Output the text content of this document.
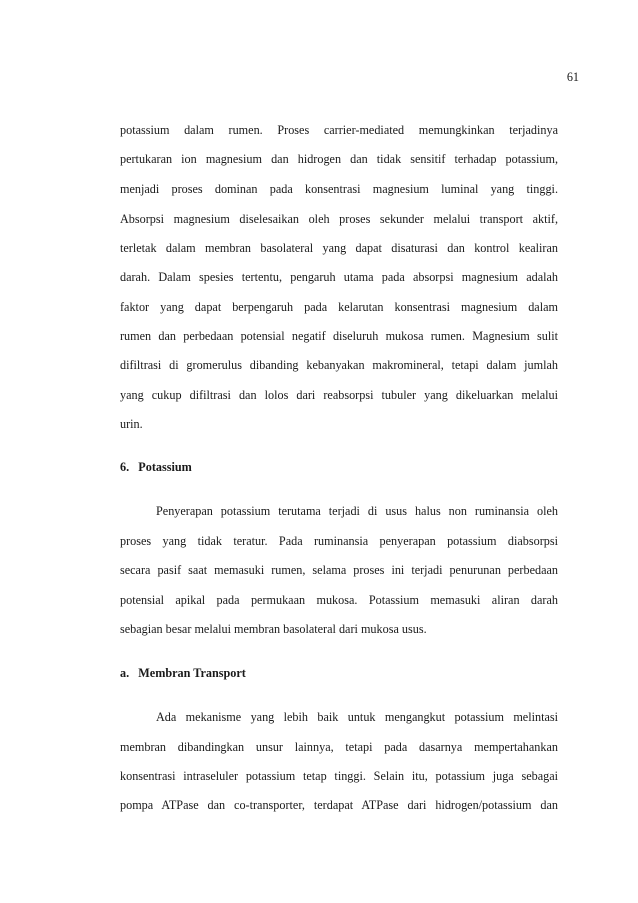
61
potassium dalam rumen. Proses carrier-mediated memungkinkan terjadinya
pertukaran ion magnesium dan hidrogen dan tidak sensitif terhadap potassium,
menjadi proses dominan pada konsentrasi magnesium luminal yang tinggi.
Absorpsi magnesium diselesaikan oleh proses sekunder melalui transport aktif,
terletak dalam membran basolateral yang dapat disaturasi dan kontrol kealiran
darah. Dalam spesies tertentu, pengaruh utama pada absorpsi magnesium adalah
faktor yang dapat berpengaruh pada kelarutan konsentrasi magnesium dalam
rumen dan perbedaan potensial negatif diseluruh mukosa rumen. Magnesium sulit
difiltrasi di gromerulus dibanding kebanyakan makromineral, tetapi dalam jumlah
yang cukup difiltrasi dan lolos dari reabsorpsi tubuler yang dikeluarkan melalui
urin.
6.   Potassium
Penyerapan potassium terutama terjadi di usus halus non ruminansia oleh
proses yang tidak teratur. Pada ruminansia penyerapan potassium diabsorpsi
secara pasif saat memasuki rumen, selama proses ini terjadi penurunan perbedaan
potensial apikal pada permukaan mukosa. Potassium memasuki aliran darah
sebagian besar melalui membran basolateral dari mukosa usus.
a.   Membran Transport
Ada mekanisme yang lebih baik untuk mengangkut potassium melintasi
membran dibandingkan unsur lainnya, tetapi pada dasarnya mempertahankan
konsentrasi intraseluler potassium tetap tinggi. Selain itu, potassium juga sebagai
pompa ATPase dan co-transporter, terdapat ATPase dari hidrogen/potassium dan
